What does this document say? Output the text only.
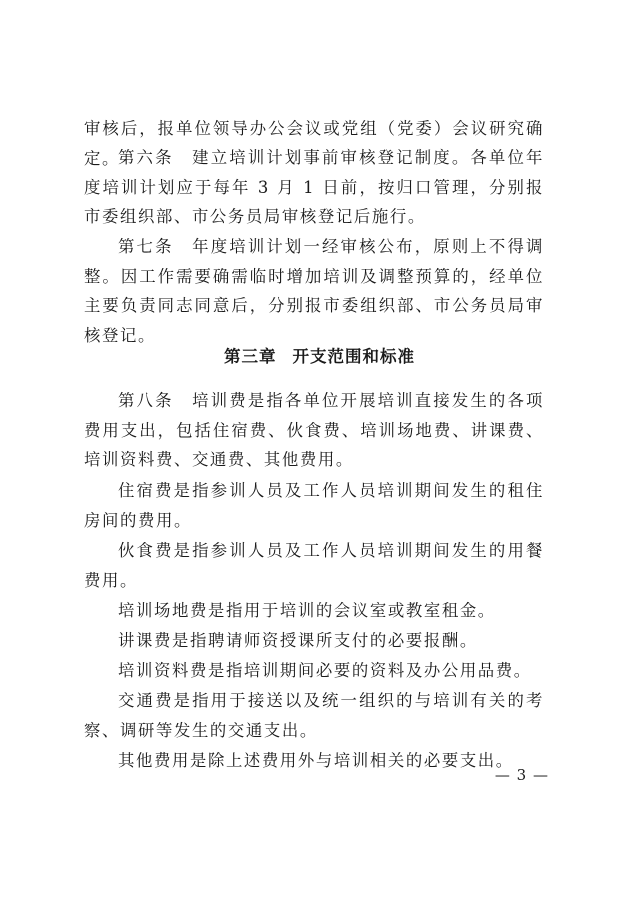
审核后，报单位领导办公会议或党组（党委）会议研究确定。

第六条　建立培训计划事前审核登记制度。各单位年度培训计划应于每年 3 月 1 日前，按归口管理，分别报市委组织部、市公务员局审核登记后施行。

第七条　年度培训计划一经审核公布，原则上不得调整。因工作需要确需临时增加培训及调整预算的，经单位主要负责同志同意后，分别报市委组织部、市公务员局审核登记。

第三章 开支范围和标准

第八条　培训费是指各单位开展培训直接发生的各项费用支出，包括住宿费、伙食费、培训场地费、讲课费、培训资料费、交通费、其他费用。

住宿费是指参训人员及工作人员培训期间发生的租住房间的费用。

伙食费是指参训人员及工作人员培训期间发生的用餐费用。

培训场地费是指用于培训的会议室或教室租金。

讲课费是指聘请师资授课所支付的必要报酬。

培训资料费是指培训期间必要的资料及办公用品费。

交通费是指用于接送以及统一组织的与培训有关的考察、调研等发生的交通支出。

其他费用是除上述费用外与培训相关的必要支出。

— 3 —
